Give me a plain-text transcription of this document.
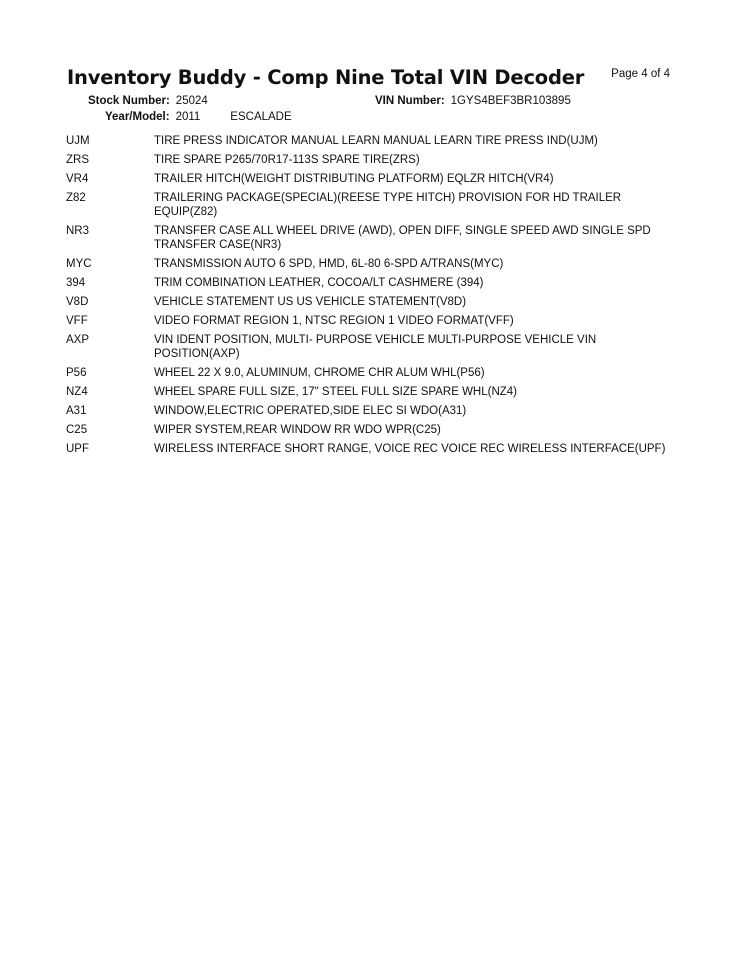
Inventory Buddy - Comp Nine Total VIN Decoder Page 4 of 4
Stock Number: 25024	VIN Number: 1GYS4BEF3BR103895
Year/Model: 2011	ESCALADE
UJM	TIRE PRESS INDICATOR MANUAL LEARN MANUAL LEARN TIRE PRESS IND(UJM)
ZRS	TIRE SPARE P265/70R17-113S SPARE TIRE(ZRS)
VR4	TRAILER HITCH(WEIGHT DISTRIBUTING PLATFORM) EQLZR HITCH(VR4)
Z82	TRAILERING PACKAGE(SPECIAL)(REESE TYPE HITCH) PROVISION FOR HD TRAILER EQUIP(Z82)
NR3	TRANSFER CASE ALL WHEEL DRIVE (AWD), OPEN DIFF, SINGLE SPEED AWD SINGLE SPD TRANSFER CASE(NR3)
MYC	TRANSMISSION AUTO 6 SPD, HMD, 6L-80 6-SPD A/TRANS(MYC)
394	TRIM COMBINATION LEATHER, COCOA/LT CASHMERE (394)
V8D	VEHICLE STATEMENT US US VEHICLE STATEMENT(V8D)
VFF	VIDEO FORMAT REGION 1, NTSC REGION 1 VIDEO FORMAT(VFF)
AXP	VIN IDENT POSITION, MULTI- PURPOSE VEHICLE MULTI-PURPOSE VEHICLE VIN POSITION(AXP)
P56	WHEEL 22 X 9.0, ALUMINUM, CHROME CHR ALUM WHL(P56)
NZ4	WHEEL SPARE FULL SIZE, 17" STEEL FULL SIZE SPARE WHL(NZ4)
A31	WINDOW,ELECTRIC OPERATED,SIDE ELEC SI WDO(A31)
C25	WIPER SYSTEM,REAR WINDOW RR WDO WPR(C25)
UPF	WIRELESS INTERFACE SHORT RANGE, VOICE REC VOICE REC WIRELESS INTERFACE(UPF)
